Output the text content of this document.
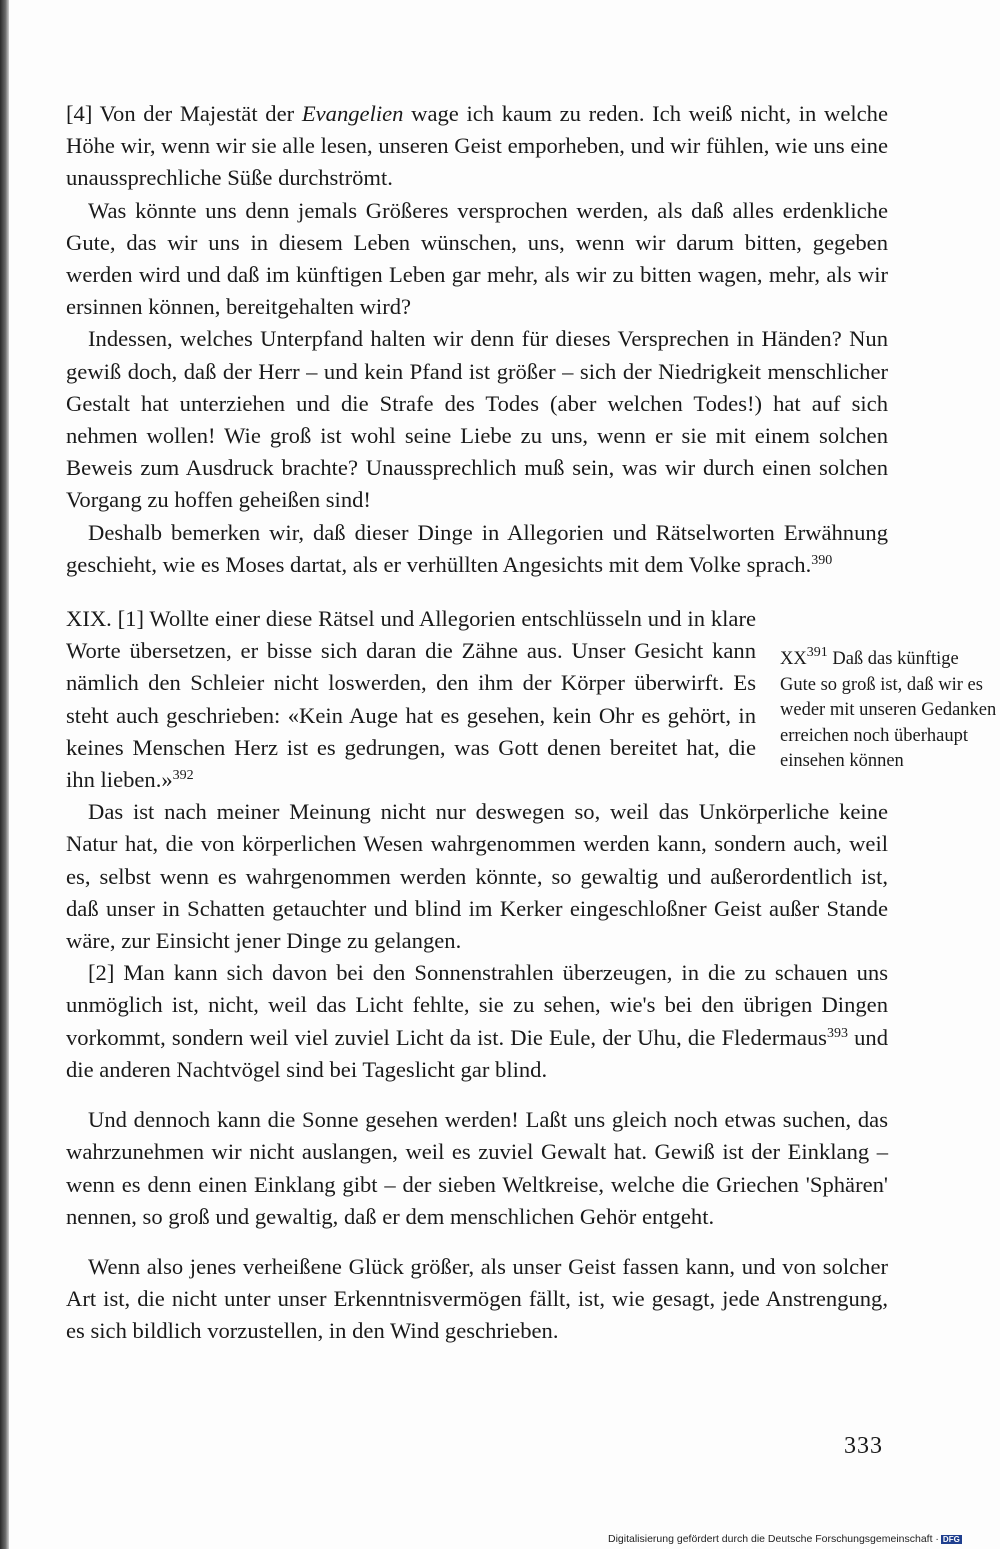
[4] Von der Majestät der Evangelien wage ich kaum zu reden. Ich weiß nicht, in welche Höhe wir, wenn wir sie alle lesen, unseren Geist emporheben, und wir fühlen, wie uns eine unaussprechliche Süße durchströmt.

Was könnte uns denn jemals Größeres versprochen werden, als daß alles erdenkliche Gute, das wir uns in diesem Leben wünschen, uns, wenn wir darum bitten, gegeben werden wird und daß im künftigen Leben gar mehr, als wir zu bitten wagen, mehr, als wir ersinnen können, bereitgehalten wird?

Indessen, welches Unterpfand halten wir denn für dieses Versprechen in Händen? Nun gewiß doch, daß der Herr – und kein Pfand ist größer – sich der Niedrigkeit menschlicher Gestalt hat unterziehen und die Strafe des Todes (aber welchen Todes!) hat auf sich nehmen wollen! Wie groß ist wohl seine Liebe zu uns, wenn er sie mit einem solchen Beweis zum Ausdruck brachte? Unaussprechlich muß sein, was wir durch einen solchen Vorgang zu hoffen geheißen sind!

Deshalb bemerken wir, daß dieser Dinge in Allegorien und Rätselworten Erwähnung geschieht, wie es Moses dartat, als er verhüllten Angesichts mit dem Volke sprach.$^{390}$

XIX. [1] Wollte einer diese Rätsel und Allegorien entschlüsseln und in klare Worte übersetzen, er bisse sich daran die Zähne aus. Unser Gesicht kann nämlich den Schleier nicht loswerden, den ihm der Körper überwirft. Es steht auch geschrieben: «Kein Auge hat es gesehen, kein Ohr es gehört, in keines Menschen Herz ist es gedrungen, was Gott denen bereitet hat, die ihn lieben.»$^{392}$

Das ist nach meiner Meinung nicht nur deswegen so, weil das Unkörperliche keine Natur hat, die von körperlichen Wesen wahrgenommen werden kann, sondern auch, weil es, selbst wenn es wahrgenommen werden könnte, so gewaltig und außerordentlich ist, daß unser in Schatten getauchter und blind im Kerker eingeschloßner Geist außer Stande wäre, zur Einsicht jener Dinge zu gelangen.

[2] Man kann sich davon bei den Sonnenstrahlen überzeugen, in die zu schauen uns unmöglich ist, nicht, weil das Licht fehlte, sie zu sehen, wie's bei den übrigen Dingen vorkommt, sondern weil viel zuviel Licht da ist. Die Eule, der Uhu, die Fledermaus$^{393}$ und die anderen Nachtvögel sind bei Tageslicht gar blind.

Und dennoch kann die Sonne gesehen werden! Laßt uns gleich noch etwas suchen, das wahrzunehmen wir nicht auslangen, weil es zuviel Gewalt hat. Gewiß ist der Einklang – wenn es denn einen Einklang gibt – der sieben Weltkreise, welche die Griechen 'Sphären' nennen, so groß und gewaltig, daß er dem menschlichen Gehör entgeht.

Wenn also jenes verheißene Glück größer, als unser Geist fassen kann, und von solcher Art ist, die nicht unter unser Erkenntnisvermögen fällt, ist, wie gesagt, jede Anstrengung, es sich bildlich vorzustellen, in den Wind geschrieben.

XX$^{391}$ Daß das künftige Gute so groß ist, daß wir es weder mit unseren Gedanken erreichen noch überhaupt einsehen können
333
Digitalisierung gefördert durch die Deutsche Forschungsgemeinschaft · DFG
